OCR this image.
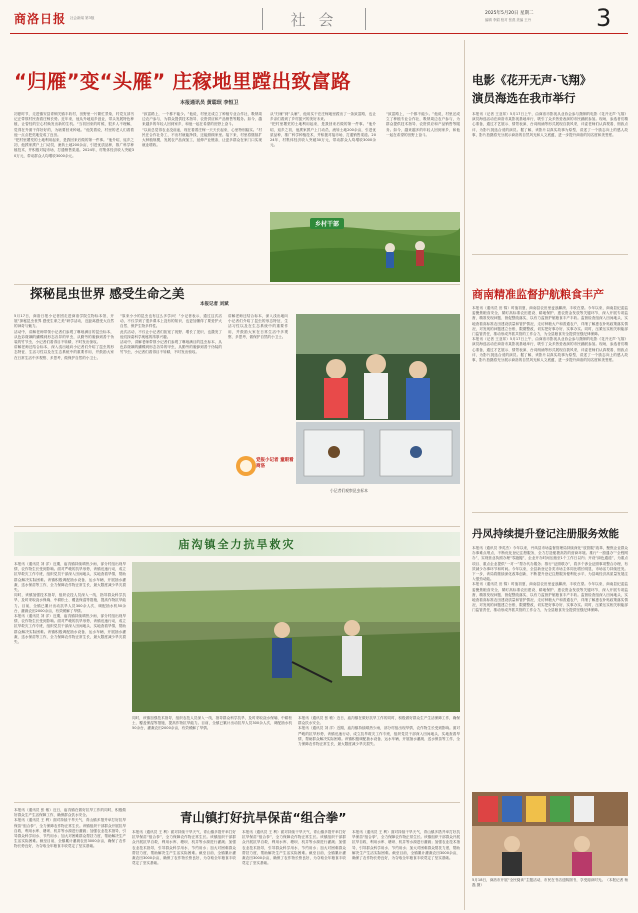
商洛日报 社会新闻 第3版	社 会	2025年5月20日 星期二
编辑 李娟 校对 张燕 美编 王丹	3
“归雁”变“头雁” 庄稼地里蹚出致富路
本报通讯员 黄聪珉 李恒卫

初夏时节，走进镇安县青铜关镇丰收村，田野里一片繁忙景象，村党支部书记正带领村民查看庄稼长势。近年来，他从外地返乡创业，带头发展特色种植，让曾经的空心村焕发出新的生机。“当初回来的时候，很多人不理解，觉得在外面干得好好的，为啥要回来种地。”他笑着说，村里的老人们看着他一点点把荒地变成了良田。

“把村里撂荒的土地利用起来，是我回来后做的第一件事。”他介绍，返乡之初，他挨家挨户上门动员，流转土地200余亩，引进优质品种，推广科学种植技术，并积极对接市场，打通销售渠道。2024年，村集体经济收入突破30万元，带动群众人均增收3000余元。

“致富路上，一个都不能少。”他说，村里还成立了种植专业合作社，吸纳周边农户参与，为群众提供技术指导、农资供应和产品销售等服务。如今，越来越多的年轻人回到家乡，和他一起在希望的田野上奋斗。

“以前总觉得农业没前途，现在看着庄稼一天天长起来，心里特别踏实。”村民在合作社务工，不出村就能挣钱，还能照顾家里。接下来，村里将继续扩大种植规模，发展农产品深加工，延伸产业链条，让更多群众在家门口实现就业增收。

从“归雁”到“头雁”，他用实干在庄稼地里蹚出了一条致富路，也让乡亲们看到了乡村振兴的美好未来。

“把村里撂荒的土地利用起来，是我回来后做的第一件事。”他介绍，返乡之初，他挨家挨户上门动员，流转土地200余亩，引进优质品种，推广科学种植技术，并积极对接市场，打通销售渠道。2024年，村集体经济收入突破30万元，带动群众人均增收3000余元。

“致富路上，一个都不能少。”他说，村里还成立了种植专业合作社，吸纳周边农户参与，为群众提供技术指导、农资供应和产品销售等服务。如今，越来越多的年轻人回到家乡，和他一起在希望的田野上奋斗。

乡村干部
探秘昆虫世界 感受生命之美
本报记者 刘斌

5月17日，商洛日报小记者团走进商洛学院生物标本馆，开展“探秘昆虫世界 感受生命之美”研学活动，近距离感受大自然的神奇与魅力。

活动中，讲解老师带领小记者们参观了琳琅满目的昆虫标本，从色彩斑斓的蝴蝶到形态各异的甲虫，从勤劳的蜜蜂到善于伪装的竹节虫，小记者们看得目不转睛，不时发出惊叹。

讲解老师还结合标本，深入浅出地向小记者们介绍了昆虫的形态特征、生活习性以及在生态系统中的重要作用，并鼓励大家在日常生活中多观察、多思考，做保护自然的小卫士。

“原来小小的昆虫也有这么多学问！”小记者表示，通过这次活动，不仅学到了很多课本上没有的知识，也更加懂得了要爱护大自然、保护生物多样性。

此次活动，不仅让小记者们拓宽了视野、增长了见识，也激发了他们探索科学奥秘的浓厚兴趣。

活动中，讲解老师带领小记者们参观了琳琅满目的昆虫标本，从色彩斑斓的蝴蝶到形态各异的甲虫，从勤劳的蜜蜂到善于伪装的竹节虫，小记者们看得目不转睛，不时发出惊叹。

讲解老师还结合标本，深入浅出地向小记者们介绍了昆虫的形态特征、生活习性以及在生态系统中的重要作用，并鼓励大家在日常生活中多观察、多思考，做保护自然的小卫士。

小记者们观察昆虫标本
党报小记者 童眼看商洛
庙沟镇全力抗旱救灾

本报讯（通讯员 刘 洋）近期，庙沟镇持续晴热少雨，部分村组出现旱情，农作物生长受到影响。面对严峻的抗旱形势，该镇迅速行动，成立抗旱救灾工作专班，组织党员干部深入田间地头，实地查看旱情，帮助群众解决实际困难。该镇积极调配抽水设备、运水车辆，开展抽水灌溉、送水保苗等工作，全力保障农作物正常生长，最大限度减少旱灾损失。

同时，该镇加强技术指导，组织农技人员深入一线，指导群众科学抗旱，及时采取浇水保墒、中耕松土、覆盖保湿等措施，提高作物抗旱能力。目前，全镇已累计出动抗旱人员300余人次，调配抽水机50余台，灌溉农田2000余亩，有效缓解了旱情。

本报讯（通讯员 刘 洋）近期，庙沟镇持续晴热少雨，部分村组出现旱情，农作物生长受到影响。面对严峻的抗旱形势，该镇迅速行动，成立抗旱救灾工作专班，组织党员干部深入田间地头，实地查看旱情，帮助群众解决实际困难。该镇积极调配抽水设备、运水车辆，开展抽水灌溉、送水保苗等工作，全力保障农作物正常生长，最大限度减少旱灾损失。

同时，该镇加强技术指导，组织农技人员深入一线，指导群众科学抗旱，及时采取浇水保墒、中耕松土、覆盖保湿等措施，提高作物抗旱能力。目前，全镇已累计出动抗旱人员300余人次，调配抽水机50余台，灌溉农田2000余亩，有效缓解了旱情。

本报讯（通讯员 张 敏）近日，庙沟镇在做好抗旱工作的同时，积极做好群众生产生活保障工作，确保群众饮水安全。

本报讯（通讯员 刘 洋）近期，庙沟镇持续晴热少雨，部分村组出现旱情，农作物生长受到影响。面对严峻的抗旱形势，该镇迅速行动，成立抗旱救灾工作专班，组织党员干部深入田间地头，实地查看旱情，帮助群众解决实际困难。该镇积极调配抽水设备、运水车辆，开展抽水灌溉、送水保苗等工作，全力保障农作物正常生长，最大限度减少旱灾损失。

本报讯（通讯员 张 敏）近日，庙沟镇在做好抗旱工作的同时，积极做好群众生产生活保障工作，确保群众饮水安全。

本报讯（通讯员 王 利）面对持续干旱天气，青山镇多措并举打好抗旱保苗“组合拳”，全力保障农作物正常生长。该镇组织干部群众开展抗旱自救，利用水库、塘坝、机井等水源进行灌溉；加强农业技术指导，引导群众科学用水、节约用水；加大对困难群众帮扶力度，帮助解决生产生活实际困难。截至目前，全镇累计灌溉农田3000余亩，确保了农作物长势良好，为夺取全年粮食丰收奠定了坚实基础。

青山镇打好抗旱保苗“组合拳”

本报讯（通讯员 王 利）面对持续干旱天气，青山镇多措并举打好抗旱保苗“组合拳”，全力保障农作物正常生长。该镇组织干部群众开展抗旱自救，利用水库、塘坝、机井等水源进行灌溉；加强农业技术指导，引导群众科学用水、节约用水；加大对困难群众帮扶力度，帮助解决生产生活实际困难。截至目前，全镇累计灌溉农田3000余亩，确保了农作物长势良好，为夺取全年粮食丰收奠定了坚实基础。

本报讯（通讯员 王 利）面对持续干旱天气，青山镇多措并举打好抗旱保苗“组合拳”，全力保障农作物正常生长。该镇组织干部群众开展抗旱自救，利用水库、塘坝、机井等水源进行灌溉；加强农业技术指导，引导群众科学用水、节约用水；加大对困难群众帮扶力度，帮助解决生产生活实际困难。截至目前，全镇累计灌溉农田3000余亩，确保了农作物长势良好，为夺取全年粮食丰收奠定了坚实基础。

本报讯（通讯员 王 利）面对持续干旱天气，青山镇多措并举打好抗旱保苗“组合拳”，全力保障农作物正常生长。该镇组织干部群众开展抗旱自救，利用水库、塘坝、机井等水源进行灌溉；加强农业技术指导，引导群众科学用水、节约用水；加大对困难群众帮扶力度，帮助解决生产生活实际困难。截至目前，全镇累计灌溉农田3000余亩，确保了农作物长势良好，为夺取全年粮食丰收奠定了坚实基础。

电影《花开无声·飞翔》
演员海选在我市举行

本报讯（记者 王亚邦）5月17日上午，由商洛市影视从业协会参与摄制的电影《花开无声·飞翔》演员海选活动在商洛市某影视基地举行，吸引了众多热爱表演的市民踊跃参加。现场，参选者们精心准备，通过才艺展示、情景表演、台词朗诵等形式展现自我风采，评委老师们认真观看、细致点评，为影片挑选合适的演员。据了解，该影片以真实故事为原型，讲述了一个励志向上的感人故事，影片拍摄将充分展示商洛的自然风光和人文底蕴，进一步提升商洛的知名度和美誉度。

商南精准监督护航粮食丰产

本报讯（通讯员 田 锦）时值初夏，商南县农田里麦浪翻滚、丰收在望。今年以来，商南县纪委监委聚焦粮食安全，紧盯高标准农田建设、耕地保护、惠农资金发放等关键环节，深入开展专项监督，精准发现问题、督促整改落实，以有力监督护航粮食丰产丰收。监督检查组深入田间地头，实地查看高标准农田建设质量和管护情况，走访种粮大户和普通农户，详细了解惠农补贴政策落实情况，对发现的问题建立台账、限期整改，切实把好事办好、实事办实。同时，压紧压实相关职能部门监管责任，推动形成齐抓共管的工作合力，为全县粮食安全提供坚强纪律保障。

本报讯（记者 王亚邦）5月17日上午，由商洛市影视从业协会参与摄制的电影《花开无声·飞翔》演员海选活动在商洛市某影视基地举行，吸引了众多热爱表演的市民踊跃参加。现场，参选者们精心准备，通过才艺展示、情景表演、台词朗诵等形式展现自我风采，评委老师们认真观看、细致点评，为影片挑选合适的演员。据了解，该影片以真实故事为原型，讲述了一个励志向上的感人故事，影片拍摄将充分展示商洛的自然风光和人文底蕴，进一步提升商洛的知名度和美誉度。

丹凤持续提升登记注册服务效能

本报讯（通讯员 李英杰）今年以来，丹凤县市场监督管理局持续深化“放管服”改革，聚焦企业群众办事难点堵点，不断优化登记注册服务，全力打造便捷高效的营商环境。推行“一窗通办”“全程网办”，实现营业执照办理“零跑腿”，企业开办时间压缩至1个工作日以内；开设“绿色通道”，为重点项目、重点企业提供“一对一”帮办代办服务；推行“证照联办”，将多个涉企证照事项整合办理，有效减少办事环节和时间。今年以来，全县新登记各类市场主体同比增长明显，市场活力持续迸发。下一步，该局将继续深化改革创新，不断提升登记注册服务便利化水平，为县域经济高质量发展注入强劲动能。

本报讯（通讯员 田 锦）时值初夏，商南县农田里麦浪翻滚、丰收在望。今年以来，商南县纪委监委聚焦粮食安全，紧盯高标准农田建设、耕地保护、惠农资金发放等关键环节，深入开展专项监督，精准发现问题、督促整改落实，以有力监督护航粮食丰产丰收。监督检查组深入田间地头，实地查看高标准农田建设质量和管护情况，走访种粮大户和普通农户，详细了解惠农补贴政策落实情况，对发现的问题建立台账、限期整改，切实把好事办好、实事办实。同时，压紧压实相关职能部门监管责任，推动形成齐抓共管的工作合力，为全县粮食安全提供坚强纪律保障。

5月18日，商洛市开展“全民阅读”主题活动，市民在书店选购图书，享受阅读时光。（本报记者 杨 磊 摄）
